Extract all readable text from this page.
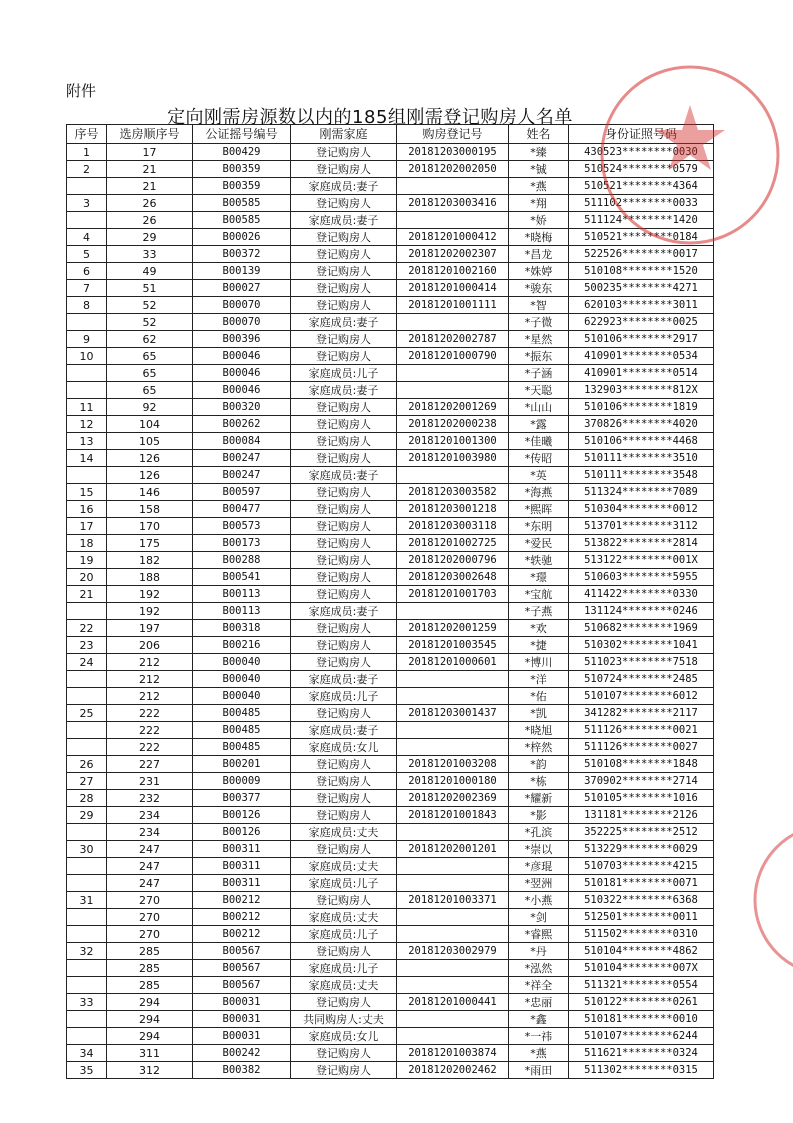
附件
定向刚需房源数以内的185组刚需登记购房人名单
序号	选房顺序号	公证摇号编号	刚需家庭	购房登记号	姓名	身份证照号码
1	17	B00429	登记购房人	20181203000195	*臻	430523********0030
2	21	B00359	登记购房人	20181202002050	*铖	510524********0579
	21	B00359	家庭成员:妻子		*燕	510521********4364
3	26	B00585	登记购房人	20181203003416	*翔	511102********0033
	26	B00585	家庭成员:妻子		*娇	511124********1420
4	29	B00026	登记购房人	20181201000412	*晓梅	510521********0184
5	33	B00372	登记购房人	20181202002307	*昌龙	522526********0017
6	49	B00139	登记购房人	20181201002160	*姝婷	510108********1520
7	51	B00027	登记购房人	20181201000414	*骏东	500235********4271
8	52	B00070	登记购房人	20181201001111	*智	620103********3011
	52	B00070	家庭成员:妻子		*子微	622923********0025
9	62	B00396	登记购房人	20181202002787	*星然	510106********2917
10	65	B00046	登记购房人	20181201000790	*振东	410901********0534
	65	B00046	家庭成员:儿子		*子涵	410901********0514
	65	B00046	家庭成员:妻子		*天聪	132903********812X
11	92	B00320	登记购房人	20181202001269	*山山	510106********1819
12	104	B00262	登记购房人	20181202000238	*露	370826********4020
13	105	B00084	登记购房人	20181201001300	*佳曦	510106********4468
14	126	B00247	登记购房人	20181201003980	*传昭	510111********3510
	126	B00247	家庭成员:妻子		*英	510111********3548
15	146	B00597	登记购房人	20181203003582	*海燕	511324********7089
16	158	B00477	登记购房人	20181203001218	*熙晖	510304********0012
17	170	B00573	登记购房人	20181203003118	*东明	513701********3112
18	175	B00173	登记购房人	20181201002725	*爱民	513822********2814
19	182	B00288	登记购房人	20181202000796	*轶驰	513122********001X
20	188	B00541	登记购房人	20181203002648	*璟	510603********5955
21	192	B00113	登记购房人	20181201001703	*宝航	411422********0330
	192	B00113	家庭成员:妻子		*子燕	131124********0246
22	197	B00318	登记购房人	20181202001259	*欢	510682********1969
23	206	B00216	登记购房人	20181201003545	*捷	510302********1041
24	212	B00040	登记购房人	20181201000601	*博川	511023********7518
	212	B00040	家庭成员:妻子		*洋	510724********2485
	212	B00040	家庭成员:儿子		*佑	510107********6012
25	222	B00485	登记购房人	20181203001437	*凯	341282********2117
	222	B00485	家庭成员:妻子		*晓旭	511126********0021
	222	B00485	家庭成员:女儿		*梓然	511126********0027
26	227	B00201	登记购房人	20181201003208	*韵	510108********1848
27	231	B00009	登记购房人	20181201000180	*栋	370902********2714
28	232	B00377	登记购房人	20181202002369	*耀新	510105********1016
29	234	B00126	登记购房人	20181201001843	*影	131181********2126
	234	B00126	家庭成员:丈夫		*孔滨	352225********2512
30	247	B00311	登记购房人	20181202001201	*崇以	513229********0029
	247	B00311	家庭成员:丈夫		*彦琨	510703********4215
	247	B00311	家庭成员:儿子		*翌洲	510181********0071
31	270	B00212	登记购房人	20181201003371	*小燕	510322********6368
	270	B00212	家庭成员:丈夫		*剑	512501********0011
	270	B00212	家庭成员:儿子		*睿熙	511502********0310
32	285	B00567	登记购房人	20181203002979	*丹	510104********4862
	285	B00567	家庭成员:儿子		*泓然	510104********007X
	285	B00567	家庭成员:丈夫		*祥全	511321********0554
33	294	B00031	登记购房人	20181201000441	*忠丽	510122********0261
	294	B00031	共同购房人:丈夫		*鑫	510181********0010
	294	B00031	家庭成员:女儿		*一祎	510107********6244
34	311	B00242	登记购房人	20181201003874	*燕	511621********0324
35	312	B00382	登记购房人	20181202002462	*雨田	511302********0315
